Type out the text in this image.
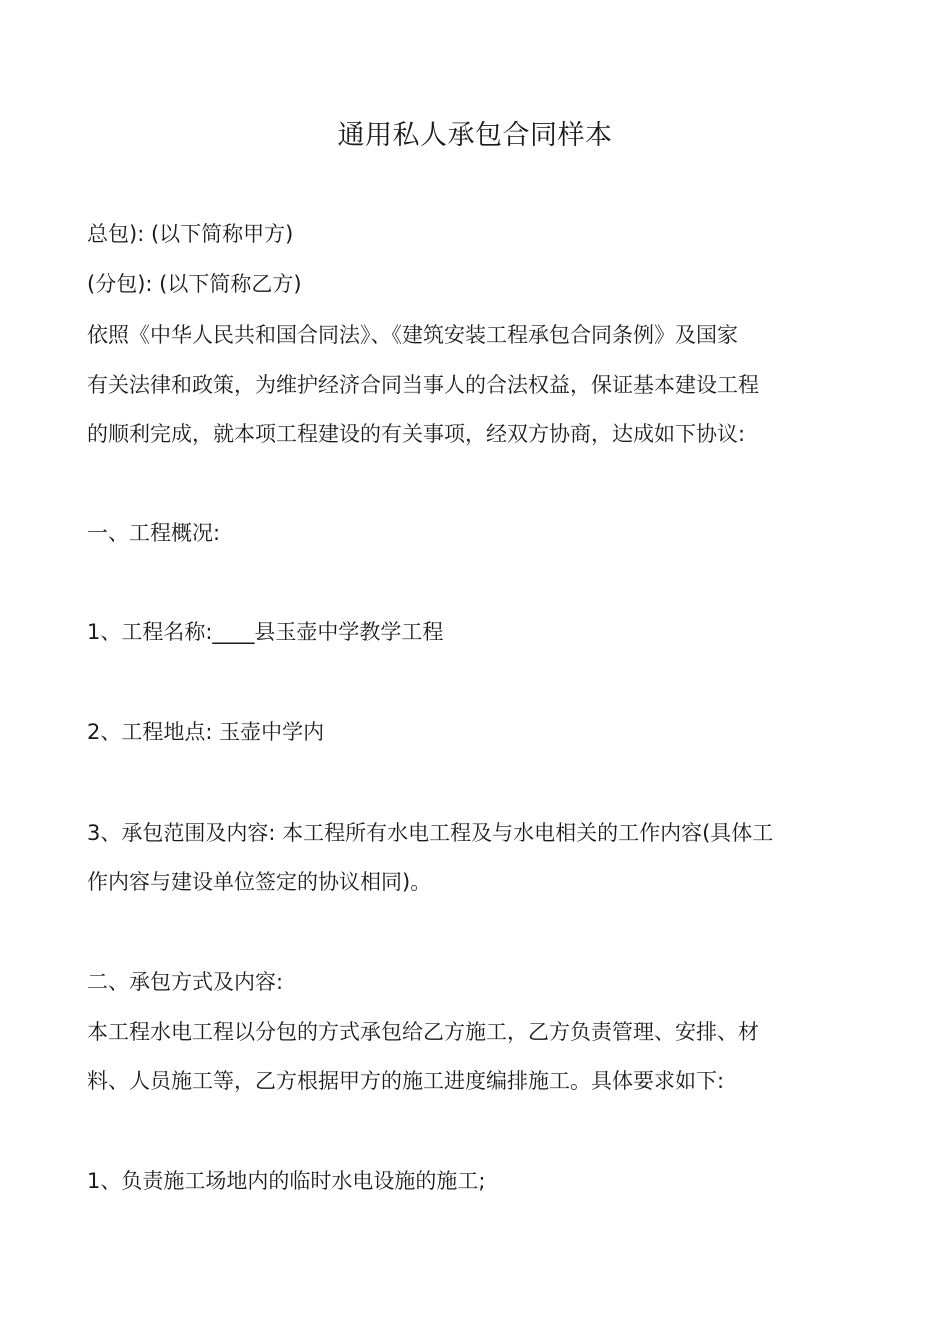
通用私人承包合同样本
总包): (以下简称甲方)
(分包): (以下简称乙方)
依照《中华人民共和国合同法》、《建筑安装工程承包合同条例》及国家
有关法律和政策，为维护经济合同当事人的合法权益，保证基本建设工程
的顺利完成，就本项工程建设的有关事项，经双方协商，达成如下协议:
一、工程概况:
1、工程名称:____县玉壶中学教学工程
2、工程地点: 玉壶中学内
3、承包范围及内容: 本工程所有水电工程及与水电相关的工作内容(具体工
作内容与建设单位签定的协议相同)。
二、承包方式及内容:
本工程水电工程以分包的方式承包给乙方施工，乙方负责管理、安排、材
料、人员施工等，乙方根据甲方的施工进度编排施工。具体要求如下:
1、负责施工场地内的临时水电设施的施工;
